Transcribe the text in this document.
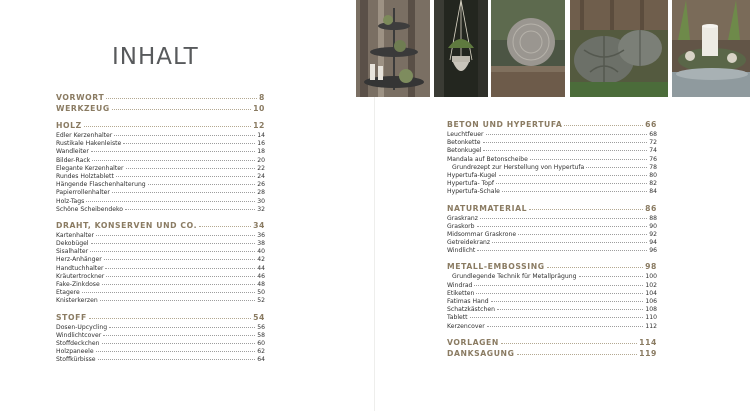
INHALT
VORWORT	8
WERKZEUG	10
HOLZ	12
Edler Kerzenhalter	14
Rustikale Hakenleiste	16
Wandleiter	18
Bilder-Rack	20
Elegante Kerzenhalter	22
Rundes Holztablett	24
Hängende Flaschenhalterung	26
Papierrollenhalter	28
Holz-Tags	30
Schöne Scheibendeko	32
DRAHT, KONSERVEN UND CO.	34
Kartenhalter	36
Dekobügel	38
Sisalhalter	40
Herz-Anhänger	42
Handtuchhalter	44
Kräutertrockner	46
Fake-Zinkdose	48
Etagere	50
Knisterkerzen	52
STOFF	54
Dosen-Upcycling	56
Windlichtcover	58
Stoffdeckchen	60
Holzpaneele	62
Stoffkürbisse	64
BETON UND HYPERTUFA	66
Leuchtfeuer	68
Betonkette	72
Betonkugel	74
Mandala auf Betonscheibe	76
Grundrezept zur Herstellung von Hypertufa	78
Hypertufa-Kugel	80
Hypertufa- Topf	82
Hypertufa-Schale	84
NATURMATERIAL	86
Graskranz	88
Graskorb	90
Midsommar Graskrone	92
Getreidekranz	94
Windlicht	96
METALL-EMBOSSING	98
Grundlegende Technik für Metallprägung	100
Windrad	102
Etiketten	104
Fatimas Hand	106
Schatzkästchen	108
Tablett	110
Kerzencover	112
VORLAGEN	114
DANKSAGUNG	119
